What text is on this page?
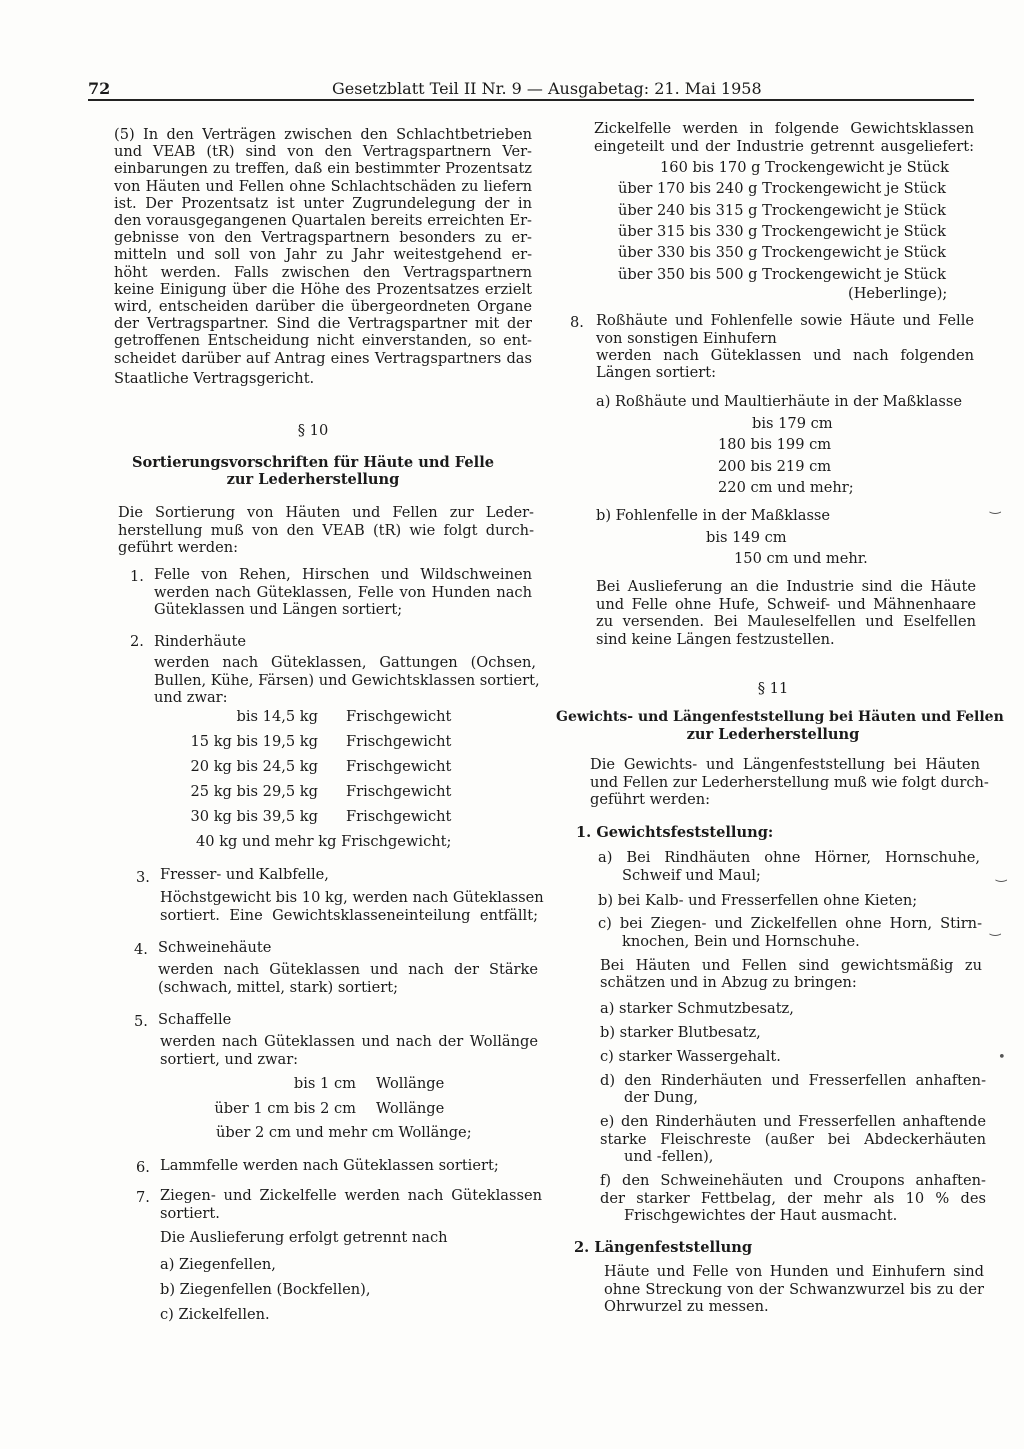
72	Gesetzblatt Teil II Nr. 9 — Ausgabetag: 21. Mai 1958
(5) In den Verträgen zwischen den Schlachtbetrieben
und VEAB (tR) sind von den Vertragspartnern Ver-
einbarungen zu treffen, daß ein bestimmter Prozentsatz
von Häuten und Fellen ohne Schlachtschäden zu liefern
ist. Der Prozentsatz ist unter Zugrundelegung der in
den vorausgegangenen Quartalen bereits erreichten Er-
gebnisse von den Vertragspartnern besonders zu er-
mitteln und soll von Jahr zu Jahr weitestgehend er-
höht werden. Falls zwischen den Vertragspartnern
keine Einigung über die Höhe des Prozentsatzes erzielt
wird, entscheiden darüber die übergeordneten Organe
der Vertragspartner. Sind die Vertragspartner mit der
getroffenen Entscheidung nicht einverstanden, so ent-
scheidet darüber auf Antrag eines Vertragspartners das
Staatliche Vertragsgericht.
§ 10
Sortierungsvorschriften für Häute und Felle
zur Lederherstellung
Die Sortierung von Häuten und Fellen zur Leder-
herstellung muß von den VEAB (tR) wie folgt durch-
geführt werden:
1. Felle von Rehen, Hirschen und Wildschweinen
werden nach Güteklassen, Felle von Hunden nach
Güteklassen und Längen sortiert;
2. Rinderhäute
werden nach Güteklassen, Gattungen (Ochsen,
Bullen, Kühe, Färsen) und Gewichtsklassen sortiert,
und zwar:
bis 14,5 kg Frischgewicht
15 kg bis 19,5 kg Frischgewicht
20 kg bis 24,5 kg Frischgewicht
25 kg bis 29,5 kg Frischgewicht
30 kg bis 39,5 kg Frischgewicht
40 kg und mehr kg Frischgewicht;
3. Fresser- und Kalbfelle,
Höchstgewicht bis 10 kg, werden nach Güteklassen
sortiert. Eine Gewichtsklasseneinteilung entfällt;
4. Schweinehäute
werden nach Güteklassen und nach der Stärke
(schwach, mittel, stark) sortiert;
5. Schaffelle
werden nach Güteklassen und nach der Wollänge
sortiert, und zwar:
bis 1 cm Wollänge
über 1 cm bis 2 cm Wollänge
über 2 cm und mehr cm Wollänge;
6. Lammfelle werden nach Güteklassen sortiert;
7. Ziegen- und Zickelfelle werden nach Güteklassen
sortiert.
Die Auslieferung erfolgt getrennt nach
a) Ziegenfellen,
b) Ziegenfellen (Bockfellen),
c) Zickelfellen.
Zickelfelle werden in folgende Gewichtsklassen
eingeteilt und der Industrie getrennt ausgeliefert:
160 bis 170 g Trockengewicht je Stück
über 170 bis 240 g Trockengewicht je Stück
über 240 bis 315 g Trockengewicht je Stück
über 315 bis 330 g Trockengewicht je Stück
über 330 bis 350 g Trockengewicht je Stück
über 350 bis 500 g Trockengewicht je Stück
(Heberlinge);
8. Roßhäute und Fohlenfelle sowie Häute und Felle
von sonstigen Einhufern
werden nach Güteklassen und nach folgenden
Längen sortiert:
a) Roßhäute und Maultierhäute in der Maßklasse
bis 179 cm
180 bis 199 cm
200 bis 219 cm
220 cm und mehr;
b) Fohlenfelle in der Maßklasse
bis 149 cm
150 cm und mehr.
Bei Auslieferung an die Industrie sind die Häute
und Felle ohne Hufe, Schweif- und Mähnenhaare
zu versenden. Bei Mauleselfellen und Eselfellen
sind keine Längen festzustellen.
§ 11
Gewichts- und Längenfeststellung bei Häuten und Fellen
zur Lederherstellung
Die Gewichts- und Längenfeststellung bei Häuten
und Fellen zur Lederherstellung muß wie folgt durch-
geführt werden:
1. Gewichtsfeststellung:
a) Bei Rindhäuten ohne Hörner, Hornschuhe,
Schweif und Maul;
b) bei Kalb- und Fresserfellen ohne Kieten;
c) bei Ziegen- und Zickelfellen ohne Horn, Stirn-
knochen, Bein und Hornschuhe.
Bei Häuten und Fellen sind gewichtsmäßig zu
schätzen und in Abzug zu bringen:
a) starker Schmutzbesatz,
b) starker Blutbesatz,
c) starker Wassergehalt.
d) den Rinderhäuten und Fresserfellen anhaften-
der Dung,
e) den Rinderhäuten und Fresserfellen anhaftende
starke Fleischreste (außer bei Abdeckerhäuten
und -fellen),
f) den Schweinehäuten und Croupons anhaften-
der starker Fettbelag, der mehr als 10 % des
Frischgewichtes der Haut ausmacht.
2. Längenfeststellung
Häute und Felle von Hunden und Einhufern sind
ohne Streckung von der Schwanzwurzel bis zu der
Ohrwurzel zu messen.
‿
‿
‿
•
